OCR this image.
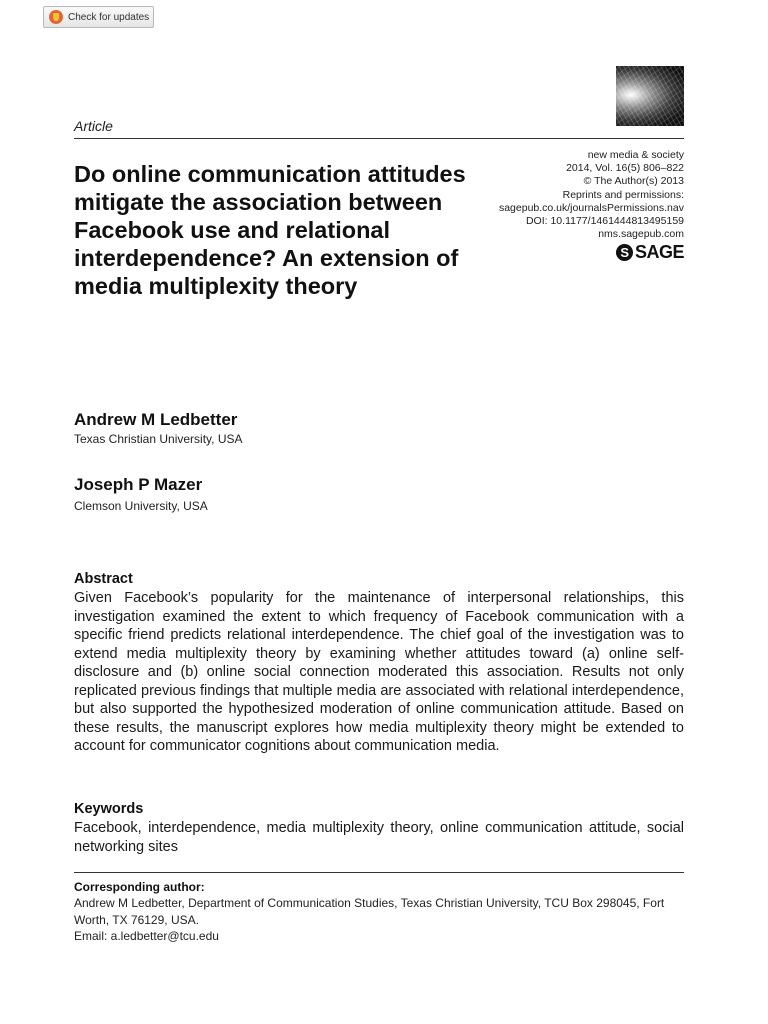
Check for updates
Article
new media & society
2014, Vol. 16(5) 806–822
© The Author(s) 2013
Reprints and permissions:
sagepub.co.uk/journalsPermissions.nav
DOI: 10.1177/1461444813495159
nms.sagepub.com
S SAGE
Do online communication attitudes mitigate the association between Facebook use and relational interdependence? An extension of media multiplexity theory
Andrew M Ledbetter
Texas Christian University, USA
Joseph P Mazer
Clemson University, USA
Abstract

Given Facebook’s popularity for the maintenance of interpersonal relationships, this investigation examined the extent to which frequency of Facebook communication with a specific friend predicts relational interdependence. The chief goal of the investigation was to extend media multiplexity theory by examining whether attitudes toward (a) online self-disclosure and (b) online social connection moderated this association. Results not only replicated previous findings that multiple media are associated with relational interdependence, but also supported the hypothesized moderation of online communication attitude. Based on these results, the manuscript explores how media multiplexity theory might be extended to account for communicator cognitions about communication media.

Keywords

Facebook, interdependence, media multiplexity theory, online communication attitude, social networking sites

Corresponding author:
Andrew M Ledbetter, Department of Communication Studies, Texas Christian University, TCU Box 298045, Fort Worth, TX 76129, USA.
Email: a.ledbetter@tcu.edu
